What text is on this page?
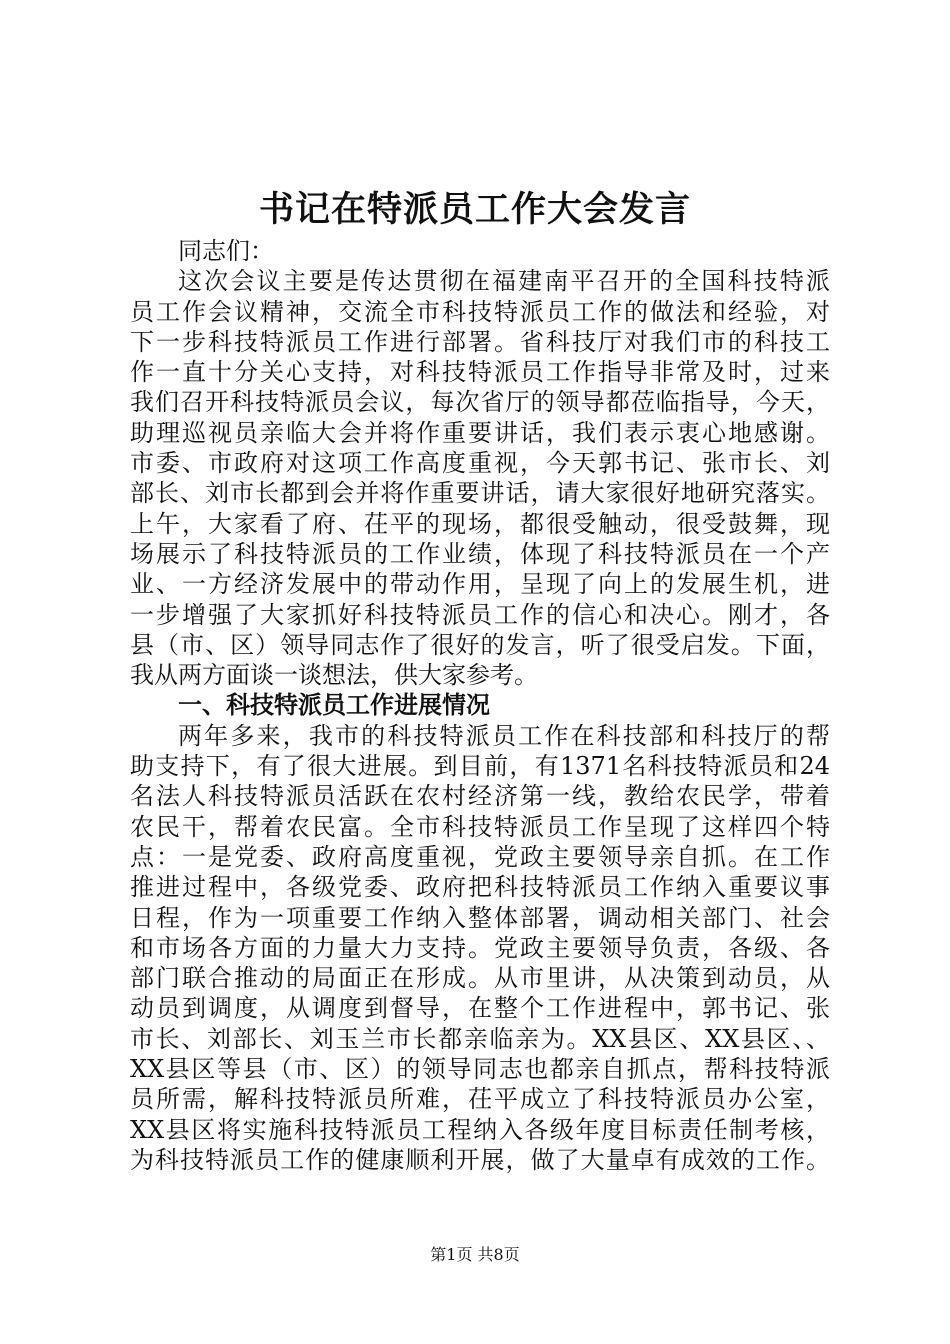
书记在特派员工作大会发言
同志们：
这次会议主要是传达贯彻在福建南平召开的全国科技特派
员工作会议精神，交流全市科技特派员工作的做法和经验，对
下一步科技特派员工作进行部署。省科技厅对我们市的科技工
作一直十分关心支持，对科技特派员工作指导非常及时，过来
我们召开科技特派员会议，每次省厅的领导都莅临指导，今天，
助理巡视员亲临大会并将作重要讲话，我们表示衷心地感谢。
市委、市政府对这项工作高度重视，今天郭书记、张市长、刘
部长、刘市长都到会并将作重要讲话，请大家很好地研究落实。
上午，大家看了府、茌平的现场，都很受触动，很受鼓舞，现
场展示了科技特派员的工作业绩，体现了科技特派员在一个产
业、一方经济发展中的带动作用，呈现了向上的发展生机，进
一步增强了大家抓好科技特派员工作的信心和决心。刚才，各
县（市、区）领导同志作了很好的发言，听了很受启发。下面，
我从两方面谈一谈想法，供大家参考。
一、科技特派员工作进展情况
两年多来，我市的科技特派员工作在科技部和科技厅的帮
助支持下，有了很大进展。到目前，有1371名科技特派员和24
名法人科技特派员活跃在农村经济第一线，教给农民学，带着
农民干，帮着农民富。全市科技特派员工作呈现了这样四个特
点：一是党委、政府高度重视，党政主要领导亲自抓。在工作
推进过程中，各级党委、政府把科技特派员工作纳入重要议事
日程，作为一项重要工作纳入整体部署，调动相关部门、社会
和市场各方面的力量大力支持。党政主要领导负责，各级、各
部门联合推动的局面正在形成。从市里讲，从决策到动员，从
动员到调度，从调度到督导，在整个工作进程中，郭书记、张
市长、刘部长、刘玉兰市长都亲临亲为。XX县区、XX县区、、
XX县区等县（市、区）的领导同志也都亲自抓点，帮科技特派
员所需，解科技特派员所难，茌平成立了科技特派员办公室，
XX县区将实施科技特派员工程纳入各级年度目标责任制考核，
为科技特派员工作的健康顺利开展，做了大量卓有成效的工作。
第1页 共8页
